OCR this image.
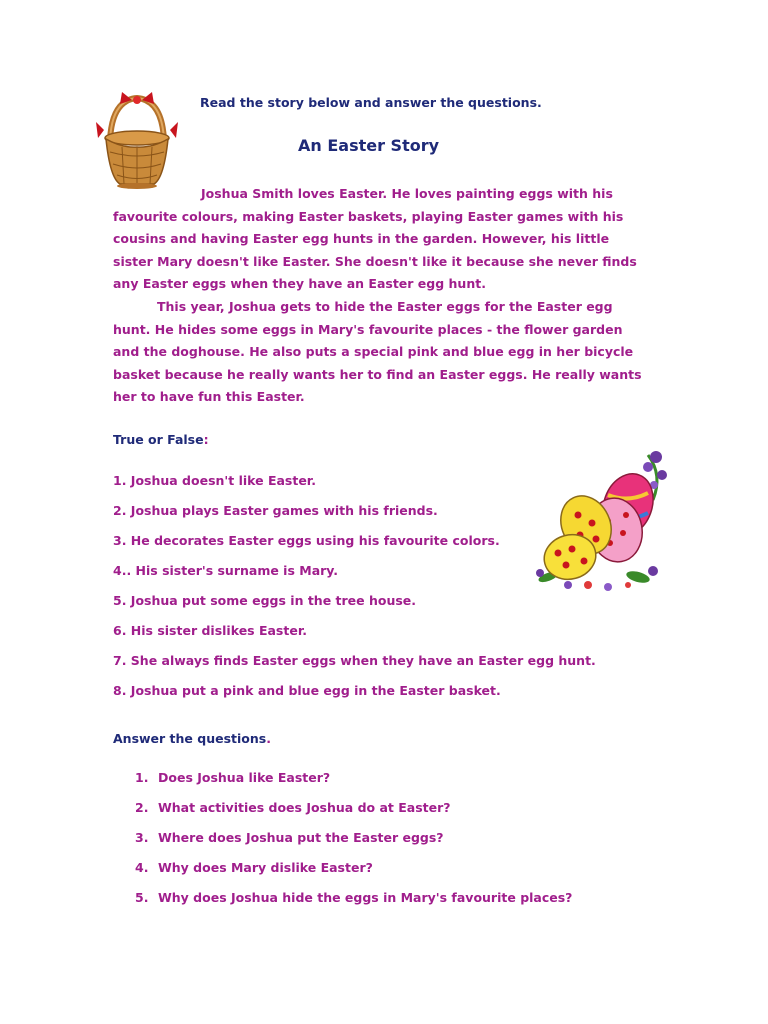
Read the story below and answer the questions.
An Easter Story

Joshua Smith loves Easter. He loves painting eggs with his favourite colours, making Easter baskets, playing Easter games with his cousins and having Easter egg hunts in the garden. However, his little sister Mary doesn't like Easter. She doesn't like it because she never finds any Easter eggs when they have an Easter egg hunt.

This year, Joshua gets to hide the Easter eggs for the Easter egg hunt. He hides some eggs in Mary's favourite places - the flower garden and the doghouse. He also puts a special pink and blue egg in her bicycle basket because he really wants her to find an Easter eggs. He really wants her to have fun this Easter.

True or False:
1. Joshua doesn't like Easter.
2. Joshua plays Easter games with his friends.
3. He decorates Easter eggs using his favourite colors.
4.. His sister's surname is Mary.
5. Joshua put some eggs in the tree house.
6. His sister dislikes Easter.
7. She always finds Easter eggs when they have an Easter egg hunt.
8. Joshua put a pink and blue egg in the Easter basket.
Answer the questions.
1. Does Joshua like Easter?
2. What activities does Joshua do at Easter?
3. Where does Joshua put the Easter eggs?
4. Why does Mary dislike Easter?
5. Why does Joshua hide the eggs in Mary's favourite places?
